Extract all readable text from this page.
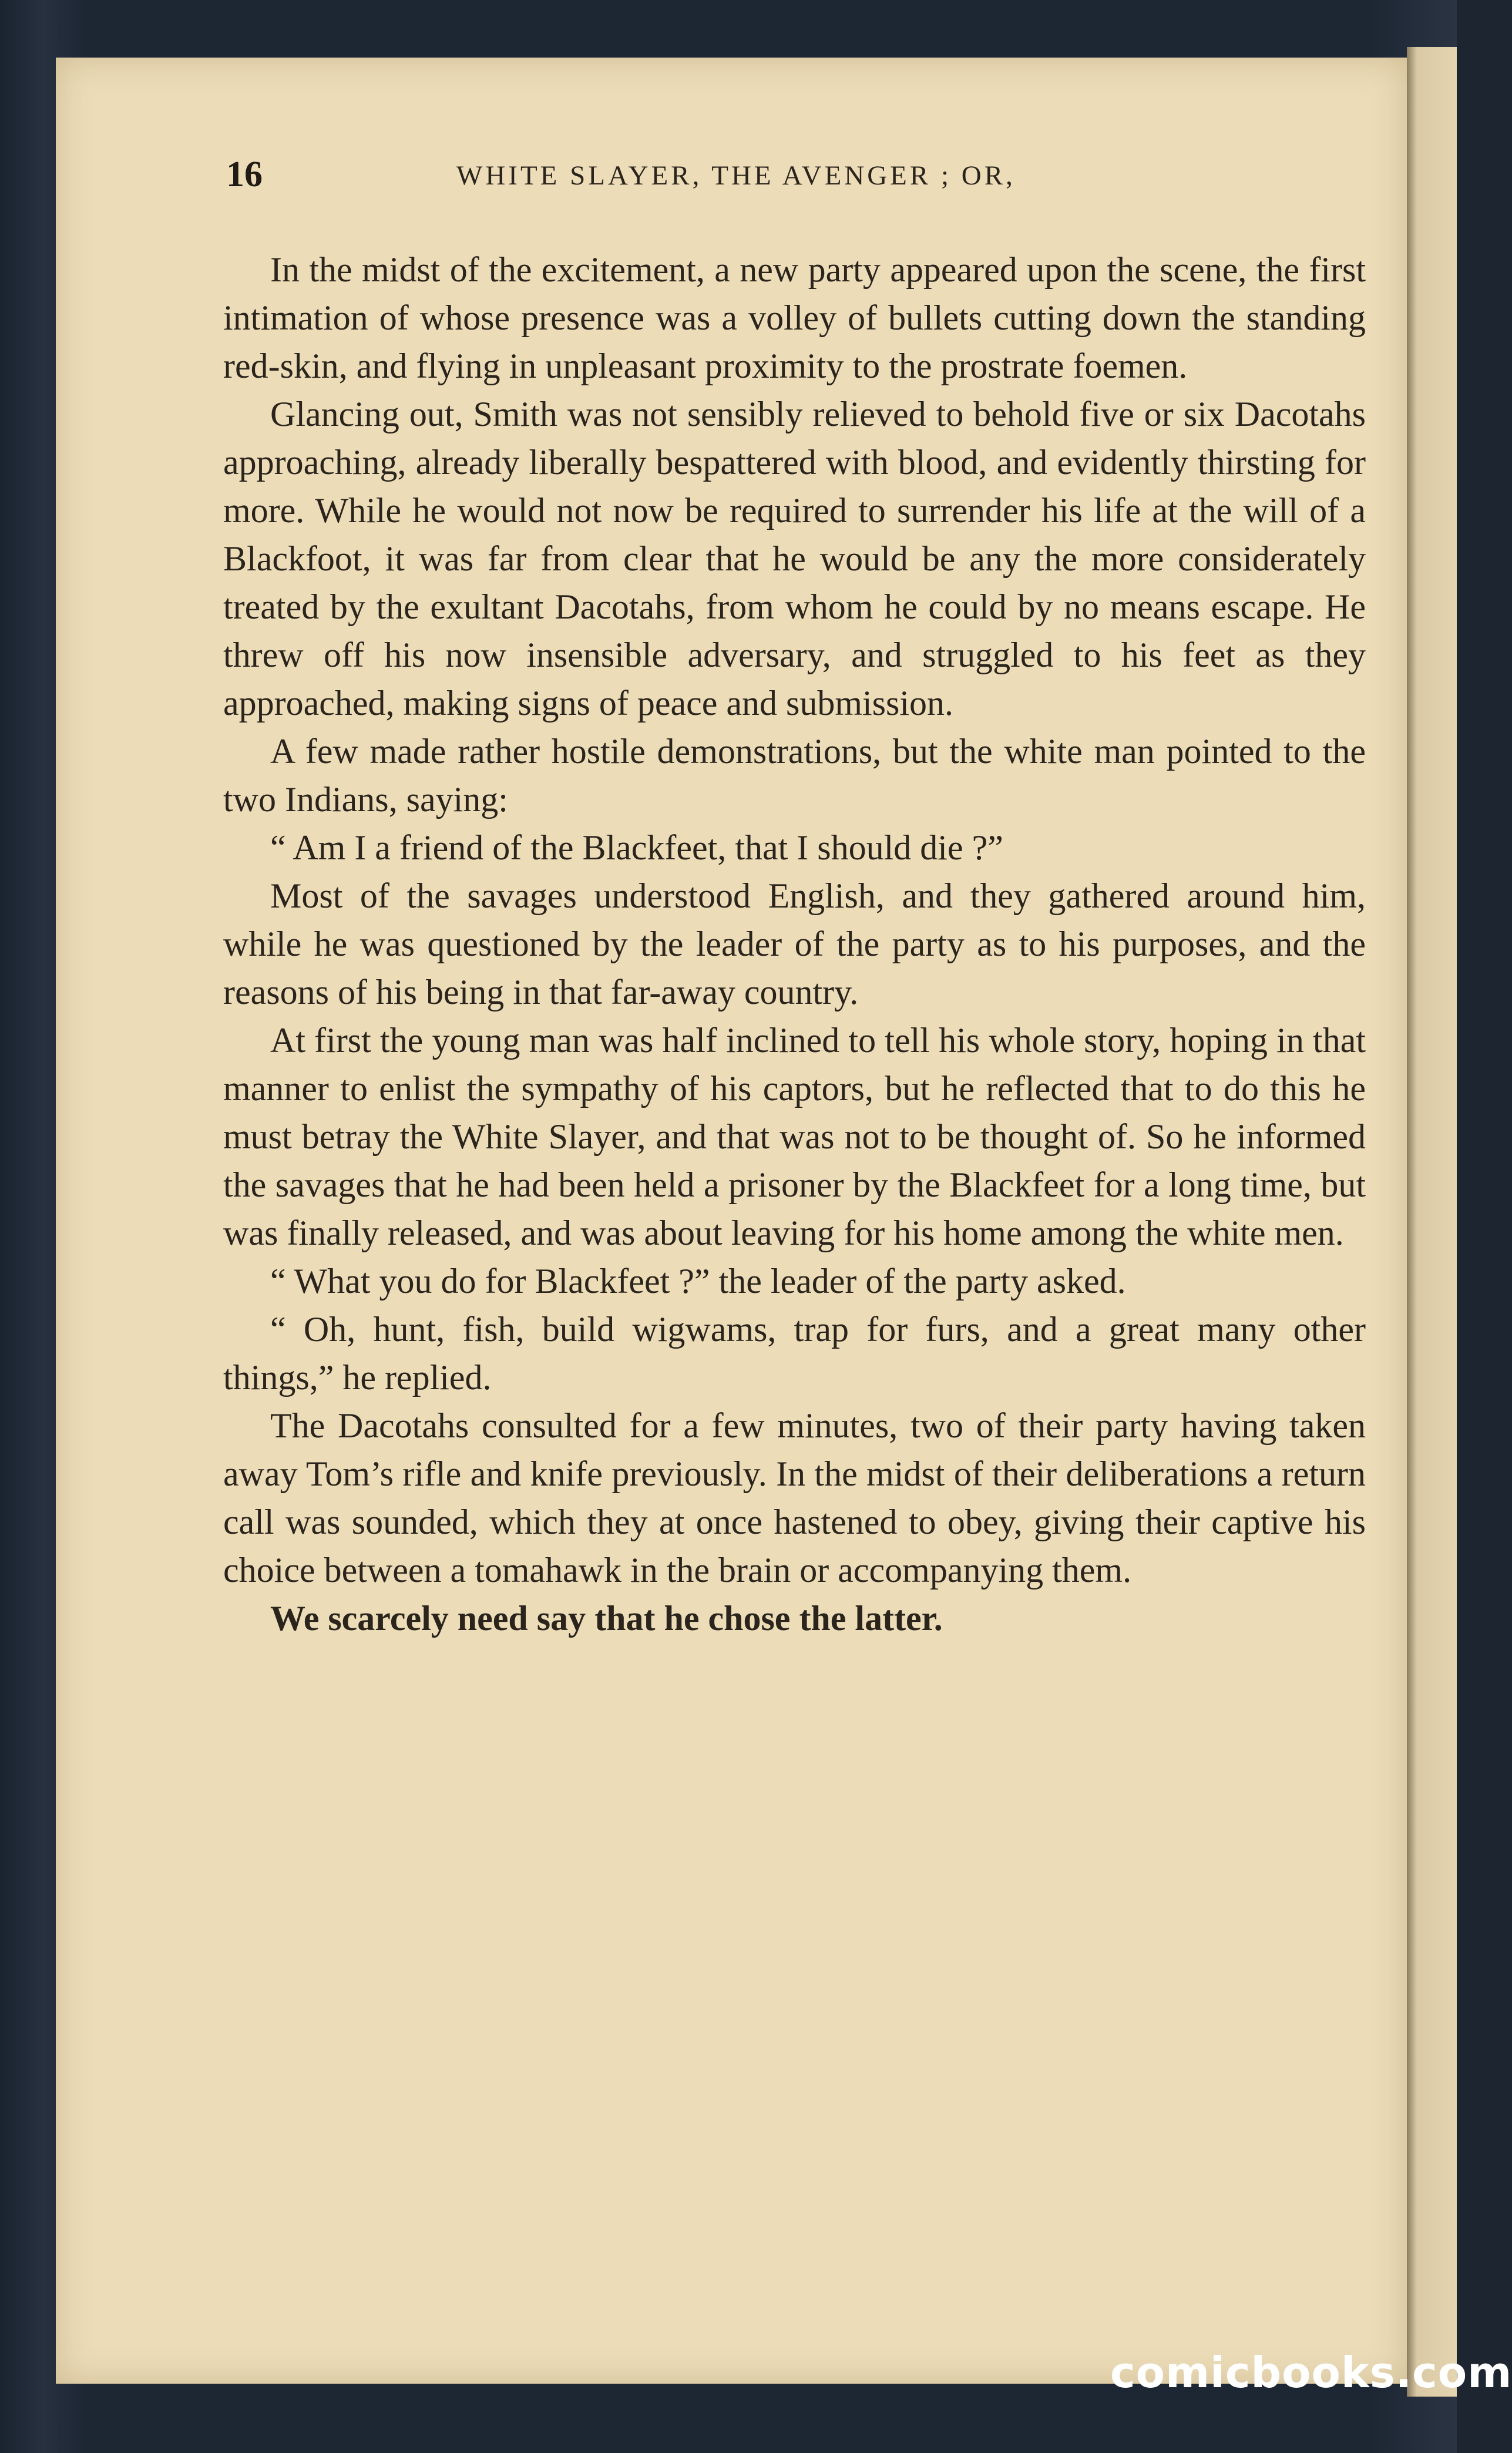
16	WHITE SLAYER, THE AVENGER ; OR,

In the midst of the excitement, a new party appeared upon the scene, the first intimation of whose presence was a volley of bullets cutting down the standing red-skin, and flying in unpleasant proximity to the prostrate foemen.

Glancing out, Smith was not sensibly relieved to behold five or six Dacotahs approaching, already liberally bespattered with blood, and evidently thirsting for more. While he would not now be required to surrender his life at the will of a Blackfoot, it was far from clear that he would be any the more considerately treated by the exultant Dacotahs, from whom he could by no means escape. He threw off his now insensible adversary, and struggled to his feet as they approached, making signs of peace and submission.

A few made rather hostile demonstrations, but the white man pointed to the two Indians, saying:

“ Am I a friend of the Blackfeet, that I should die ?”

Most of the savages understood English, and they gathered around him, while he was questioned by the leader of the party as to his purposes, and the reasons of his being in that far-away country.

At first the young man was half inclined to tell his whole story, hoping in that manner to enlist the sympathy of his captors, but he reflected that to do this he must betray the White Slayer, and that was not to be thought of. So he informed the savages that he had been held a prisoner by the Blackfeet for a long time, but was finally released, and was about leaving for his home among the white men.

“ What you do for Blackfeet ?” the leader of the party asked.

“ Oh, hunt, fish, build wigwams, trap for furs, and a great many other things,” he replied.

The Dacotahs consulted for a few minutes, two of their party having taken away Tom’s rifle and knife previously. In the midst of their deliberations a return call was sounded, which they at once hastened to obey, giving their captive his choice between a tomahawk in the brain or accompanying them.

We scarcely need say that he chose the latter.

comicbooks.com
